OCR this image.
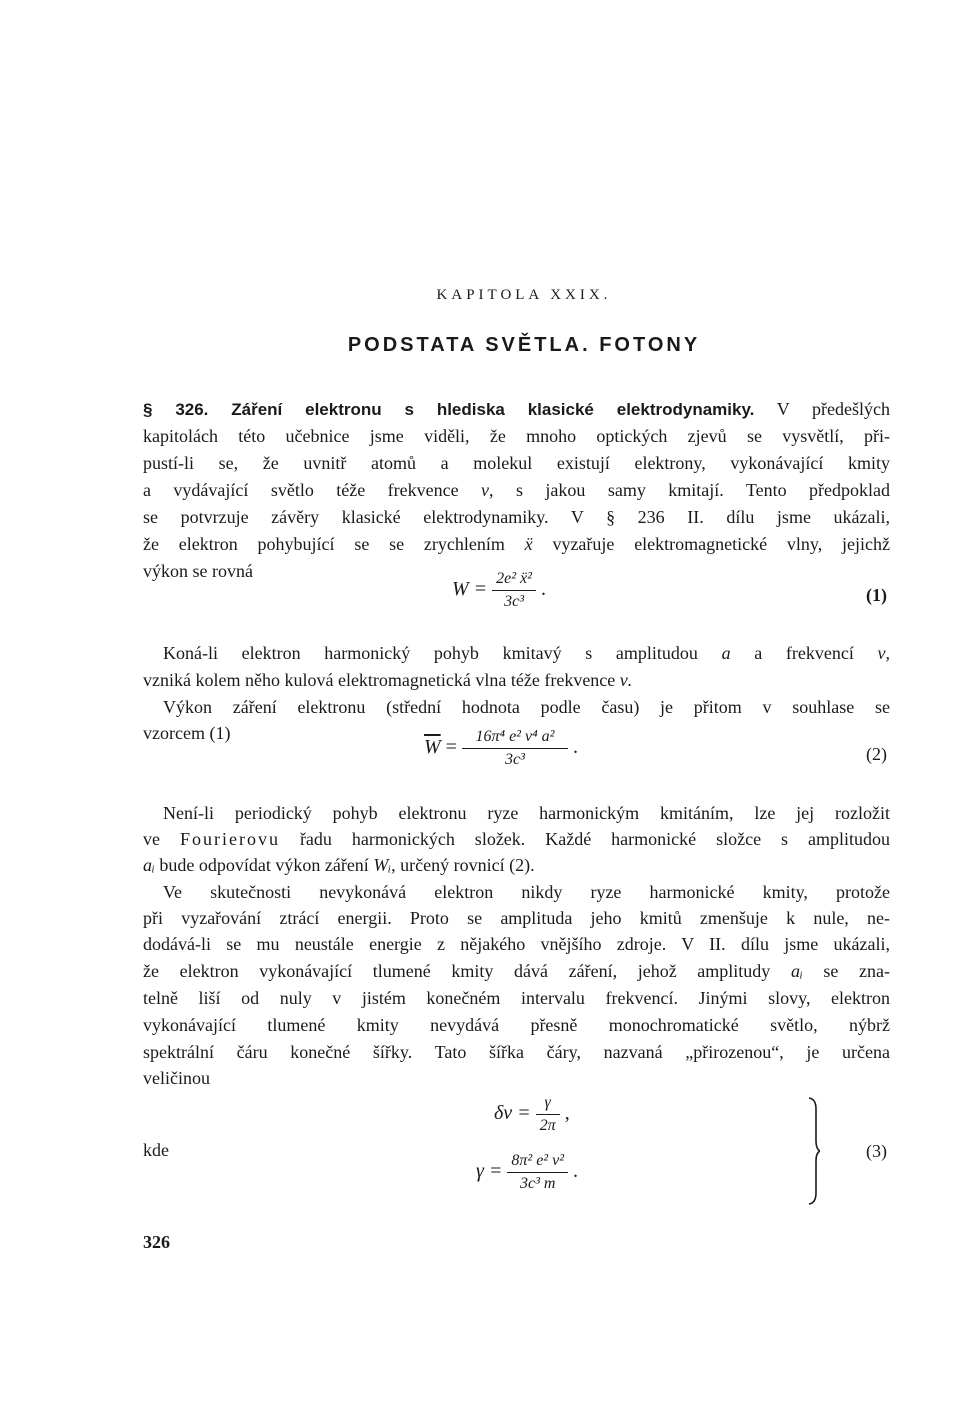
KAPITOLA XXIX.
PODSTATA SVĚTLA. FOTONY
§ 326. Záření elektronu s hlediska klasické elektrodynamiky. V předešlých
kapitolách této učebnice jsme viděli, že mnoho optických zjevů se vysvětlí, při-
pustí-li se, že uvnitř atomů a molekul existují elektrony, vykonávající kmity
a vydávající světlo téže frekvence ν, s jakou samy kmitají. Tento předpoklad
se potvrzuje závěry klasické elektrodynamiky. V § 236 II. dílu jsme ukázali,
že elektron pohybující se se zrychlením ẍ vyzařuje elektromagnetické vlny, jejichž
výkon se rovná
$W = \frac{\text{2e² ẍ²}}{\text{3c³}}$ .	(1)
Koná-li elektron harmonický pohyb kmitavý s amplitudou a a frekvencí ν,
vzniká kolem něho kulová elektromagnetická vlna téže frekvence ν.
Výkon záření elektronu (střední hodnota podle času) je přitom v souhlase se
vzorcem (1)
$\overline{W} = \frac{\text{16π⁴ e² ν⁴ a²}}{\text{3c³}}$ .	(2)
Není-li periodický pohyb elektronu ryze harmonickým kmitáním, lze jej rozložit
ve Fourierovu řadu harmonických složek. Každé harmonické složce s amplitudou
aᵢ bude odpovídat výkon záření Wᵢ, určený rovnicí (2).
Ve skutečnosti nevykonává elektron nikdy ryze harmonické kmity, protože
při vyzařování ztrácí energii. Proto se amplituda jeho kmitů zmenšuje k nule, ne-
dodává-li se mu neustále energie z nějakého vnějšího zdroje. V II. dílu jsme ukázali,
že elektron vykonávající tlumené kmity dává záření, jehož amplitudy aᵢ se zna-
telně liší od nuly v jistém konečném intervalu frekvencí. Jinými slovy, elektron
vykonávající tlumené kmity nevydává přesně monochromatické světlo, nýbrž
spektrální čáru konečné šířky. Tato šířka čáry, nazvaná „přirozenou“, je určena
veličinou
$\delta\nu = \frac{\gamma}{2\pi}$ ,
kde
$\gamma = \frac{\text{8π² e² ν²}}{\text{3c³ m}}$ .
(3)
326
